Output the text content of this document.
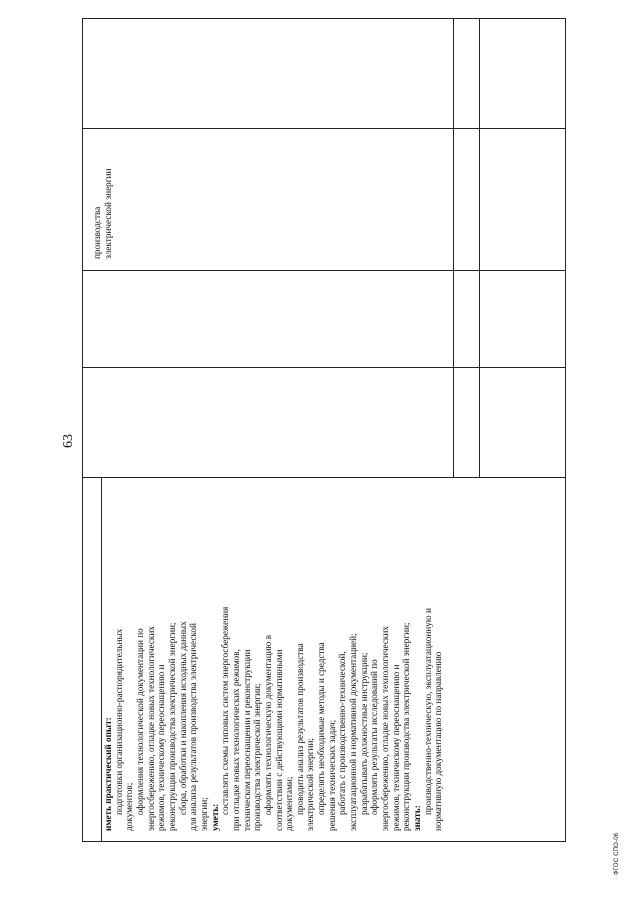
63
ФГОС СПО-06

иметь практический опыт: подготовки организационно-распорядительных документов; оформления технологической документации по энергосбережению, отладке новых технологических режимов, техническому переоснащению и реконструкции производства электрической энергии; сбора, обработки и накопления исходных данных для анализа результатов производства электрической энергии; уметь:

составлять схемы типовых систем энергосбережения при отладке новых технологических режимов, техническом переоснащении и реконструкции производства электрической энергии; оформлять технологическую документацию в соответствии с действующими нормативными документами; проводить анализ результатов производства электрической энергии; определять необходимые методы и средства решения технических задач; работать с производственно-технической, эксплуатационной и нормативной документацией; разрабатывать должностные инструкции; оформлять результаты исследований по энергосбережению, отладке новых технологических режимов, техническому переоснащению и реконструкции производства электрической энергии; знать:

производственно-техническую, эксплуатационную и нормативную документацию по направлению

производства электрической энергии
